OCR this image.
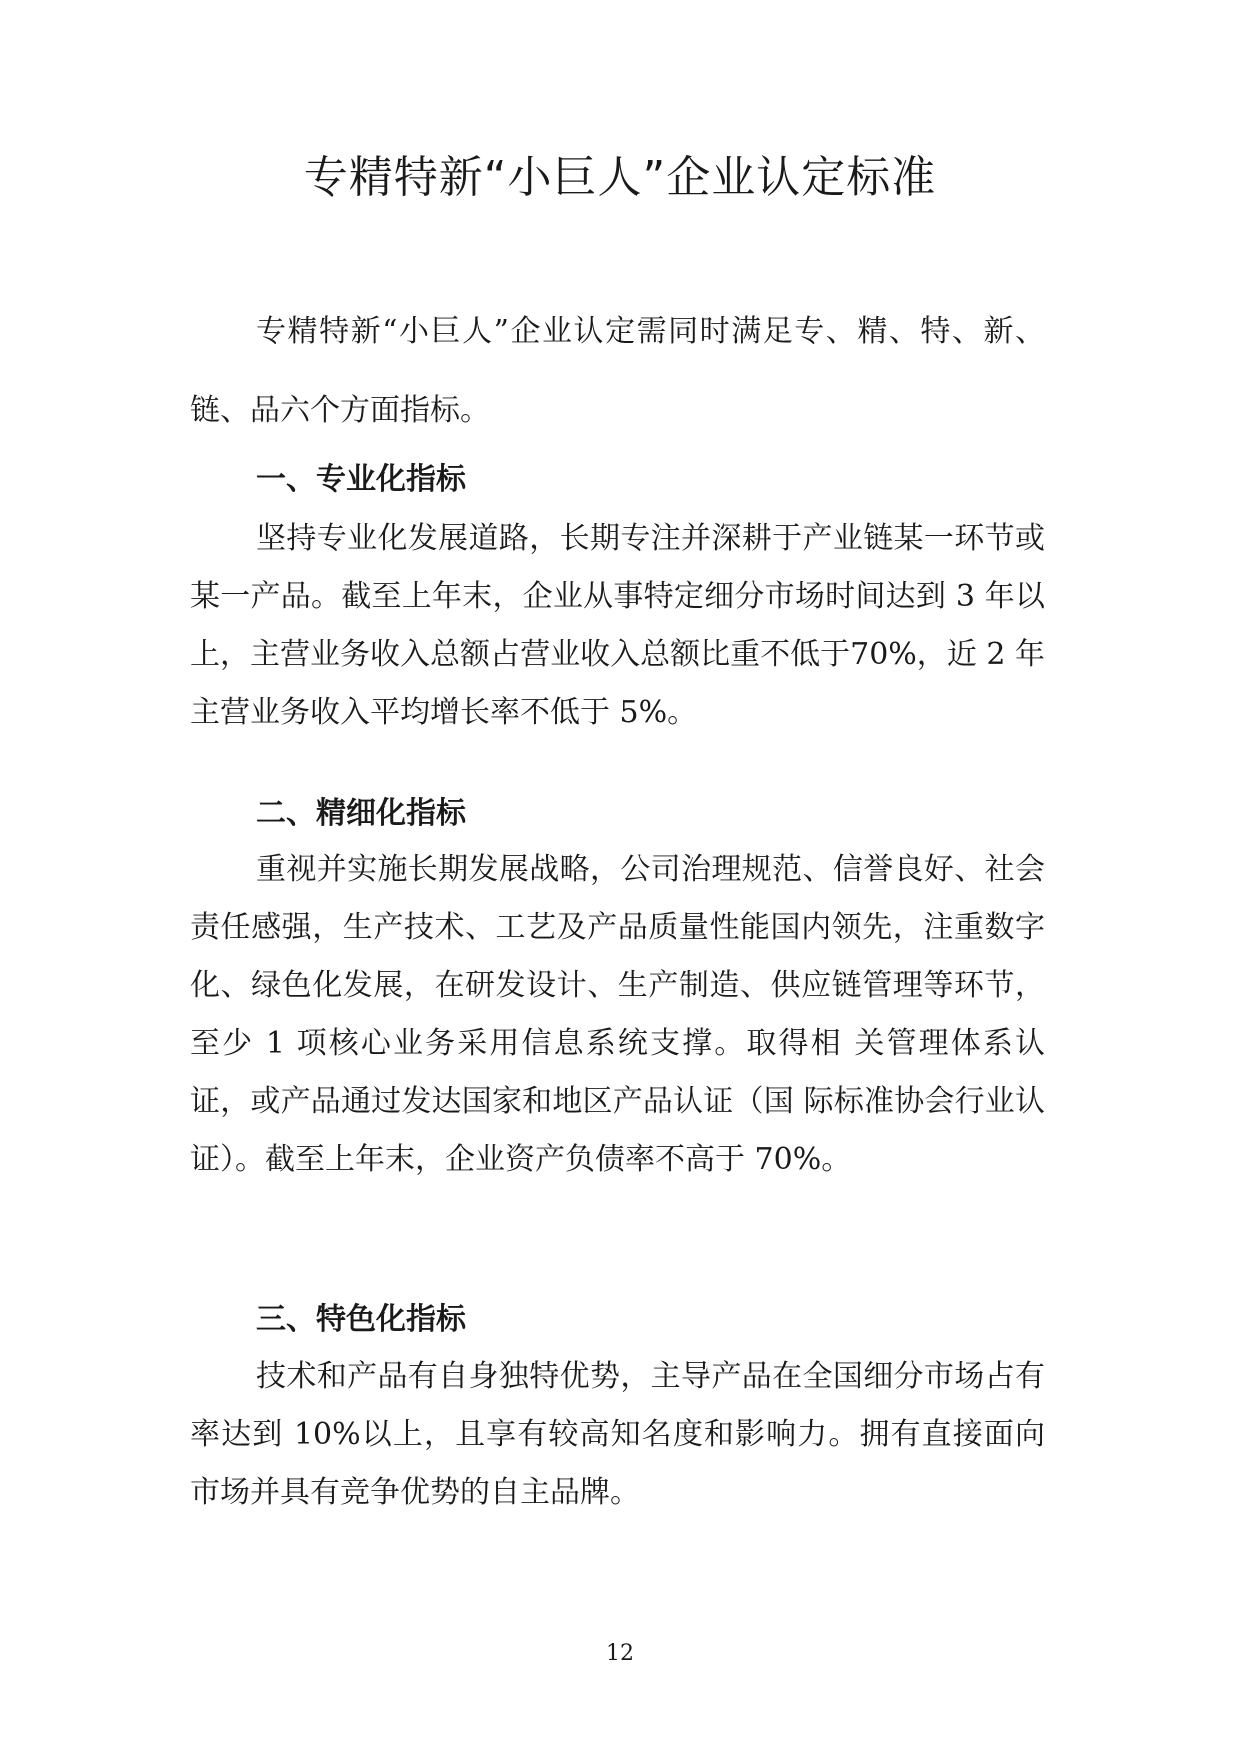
专精特新“小巨人”企业认定标准

专精特新“小巨人”企业认定需同时满足专、精、特、新、链、品六个方面指标。

一、专业化指标

坚持专业化发展道路，长期专注并深耕于产业链某一环节或某一产品。截至上年末，企业从事特定细分市场时间达到 3 年以上，主营业务收入总额占营业收入总额比重不低于70%，近 2 年主营业务收入平均增长率不低于 5%。

二、精细化指标

重视并实施长期发展战略，公司治理规范、信誉良好、社会责任感强，生产技术、工艺及产品质量性能国内领先，注重数字化、绿色化发展，在研发设计、生产制造、供应链管理等环节，至少 1 项核心业务采用信息系统支撑。取得相 关管理体系认证，或产品通过发达国家和地区产品认证（国 际标准协会行业认证）。截至上年末，企业资产负债率不高于 70%。

三、特色化指标

技术和产品有自身独特优势，主导产品在全国细分市场占有率达到 10%以上，且享有较高知名度和影响力。拥有直接面向市场并具有竞争优势的自主品牌。

12
